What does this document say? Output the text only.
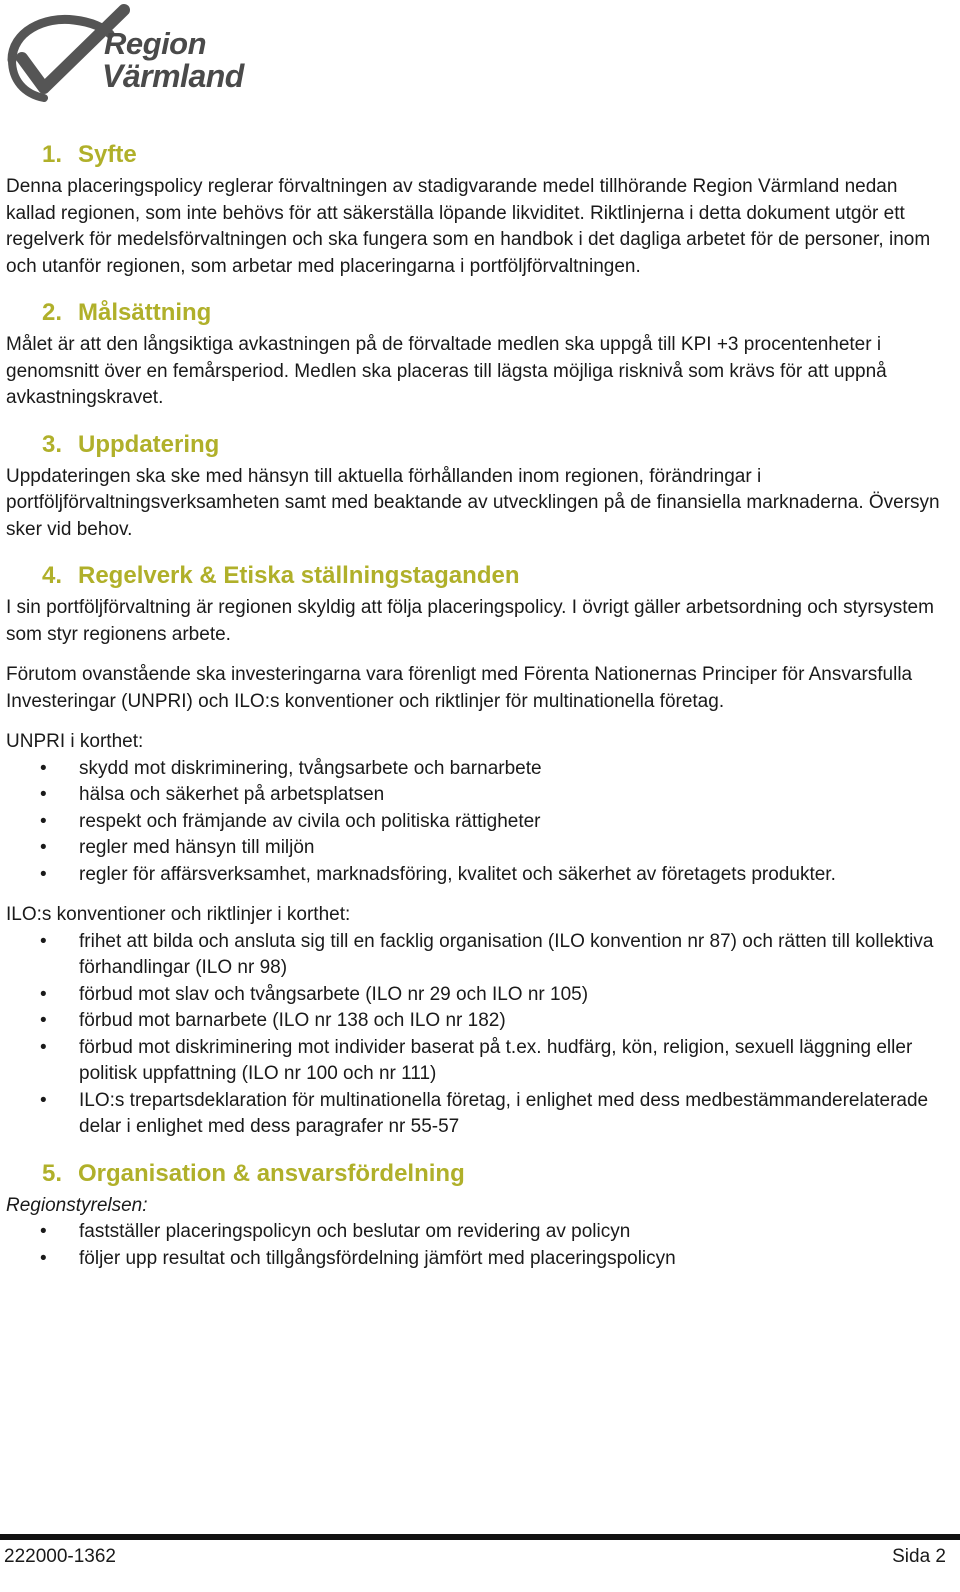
Region
Värmland
1. Syfte

Denna placeringspolicy reglerar förvaltningen av stadigvarande medel tillhörande Region Värmland nedan kallad regionen, som inte behövs för att säkerställa löpande likviditet. Riktlinjerna i detta dokument utgör ett regelverk för medelsförvaltningen och ska fungera som en handbok i det dagliga arbetet för de personer, inom och utanför regionen, som arbetar med placeringarna i portföljförvaltningen.

2. Målsättning

Målet är att den långsiktiga avkastningen på de förvaltade medlen ska uppgå till KPI +3 procentenheter i genomsnitt över en femårsperiod. Medlen ska placeras till lägsta möjliga risknivå som krävs för att uppnå avkastningskravet.

3. Uppdatering

Uppdateringen ska ske med hänsyn till aktuella förhållanden inom regionen, förändringar i portföljförvaltningsverksamheten samt med beaktande av utvecklingen på de finansiella marknaderna. Översyn sker vid behov.

4. Regelverk & Etiska ställningstaganden

I sin portföljförvaltning är regionen skyldig att följa placeringspolicy. I övrigt gäller arbetsordning och styrsystem som styr regionens arbete.

Förutom ovanstående ska investeringarna vara förenligt med Förenta Nationernas Principer för Ansvarsfulla Investeringar (UNPRI) och ILO:s konventioner och riktlinjer för multinationella företag.

UNPRI i korthet:

• skydd mot diskriminering, tvångsarbete och barnarbete
• hälsa och säkerhet på arbetsplatsen
• respekt och främjande av civila och politiska rättigheter
• regler med hänsyn till miljön
• regler för affärsverksamhet, marknadsföring, kvalitet och säkerhet av företagets produkter.

ILO:s konventioner och riktlinjer i korthet:

• frihet att bilda och ansluta sig till en facklig organisation (ILO konvention nr 87) och rätten till kollektiva förhandlingar (ILO nr 98)
• förbud mot slav och tvångsarbete (ILO nr 29 och ILO nr 105)
• förbud mot barnarbete (ILO nr 138 och ILO nr 182)
• förbud mot diskriminering mot individer baserat på t.ex. hudfärg, kön, religion, sexuell läggning eller politisk uppfattning (ILO nr 100 och nr 111)
• ILO:s trepartsdeklaration för multinationella företag, i enlighet med dess medbestämmanderelaterade delar i enlighet med dess paragrafer nr 55-57
5. Organisation & ansvarsfördelning

Regionstyrelsen:

• fastställer placeringspolicyn och beslutar om revidering av policyn
• följer upp resultat och tillgångsfördelning jämfört med placeringspolicyn
222000-1362	Sida 2
